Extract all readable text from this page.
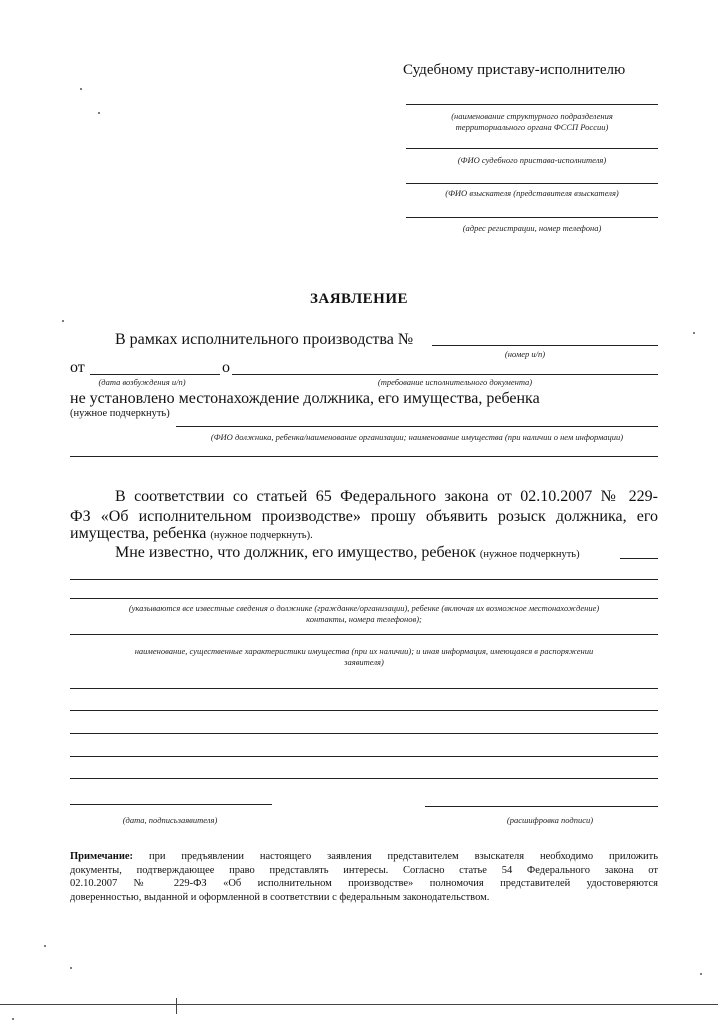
Судебному приставу-исполнителю
(наименование структурного подразделения
территориального органа ФССП России)
(ФИО судебного пристава-исполнителя)
(ФИО взыскателя (представителя взыскателя)
(адрес регистрации, номер телефона)
ЗАЯВЛЕНИЕ
В рамках исполнительного производства №
(номер и/п)
от	о
(дата возбуждения и/п)	(требование исполнительного документа)
не установлено местонахождение должника, его имущества, ребенка
(нужное подчеркнуть)
(ФИО должника, ребенка/наименование организации; наименование имущества (при наличии о нем информации)
В соответствии со статьей 65 Федерального закона от 02.10.2007 № 229-
ФЗ «Об исполнительном производстве» прошу объявить розыск должника, его
имущества, ребенка (нужное подчеркнуть).
Мне известно, что должник, его имущество, ребенок (нужное подчеркнуть)
(указываются все известные сведения о должнике (гражданке/организации), ребенке (включая их возможное местонахождение)
контакты, номера телефонов);
наименование, существенные характеристики имущества (при их наличии); и иная информация, имеющаяся в распоряжении
заявителя)
(дата, подписьзаявителя)	(расшифровка подписи)
Примечание: при предъявлении настоящего заявления представителем взыскателя необходимо приложить
документы, подтверждающее право представлять интересы. Согласно статье 54 Федерального закона от
02.10.2007 № 229-ФЗ «Об исполнительном производстве» полномочия представителей удостоверяются
доверенностью, выданной и оформленной в соответствии с федеральным законодательством.
